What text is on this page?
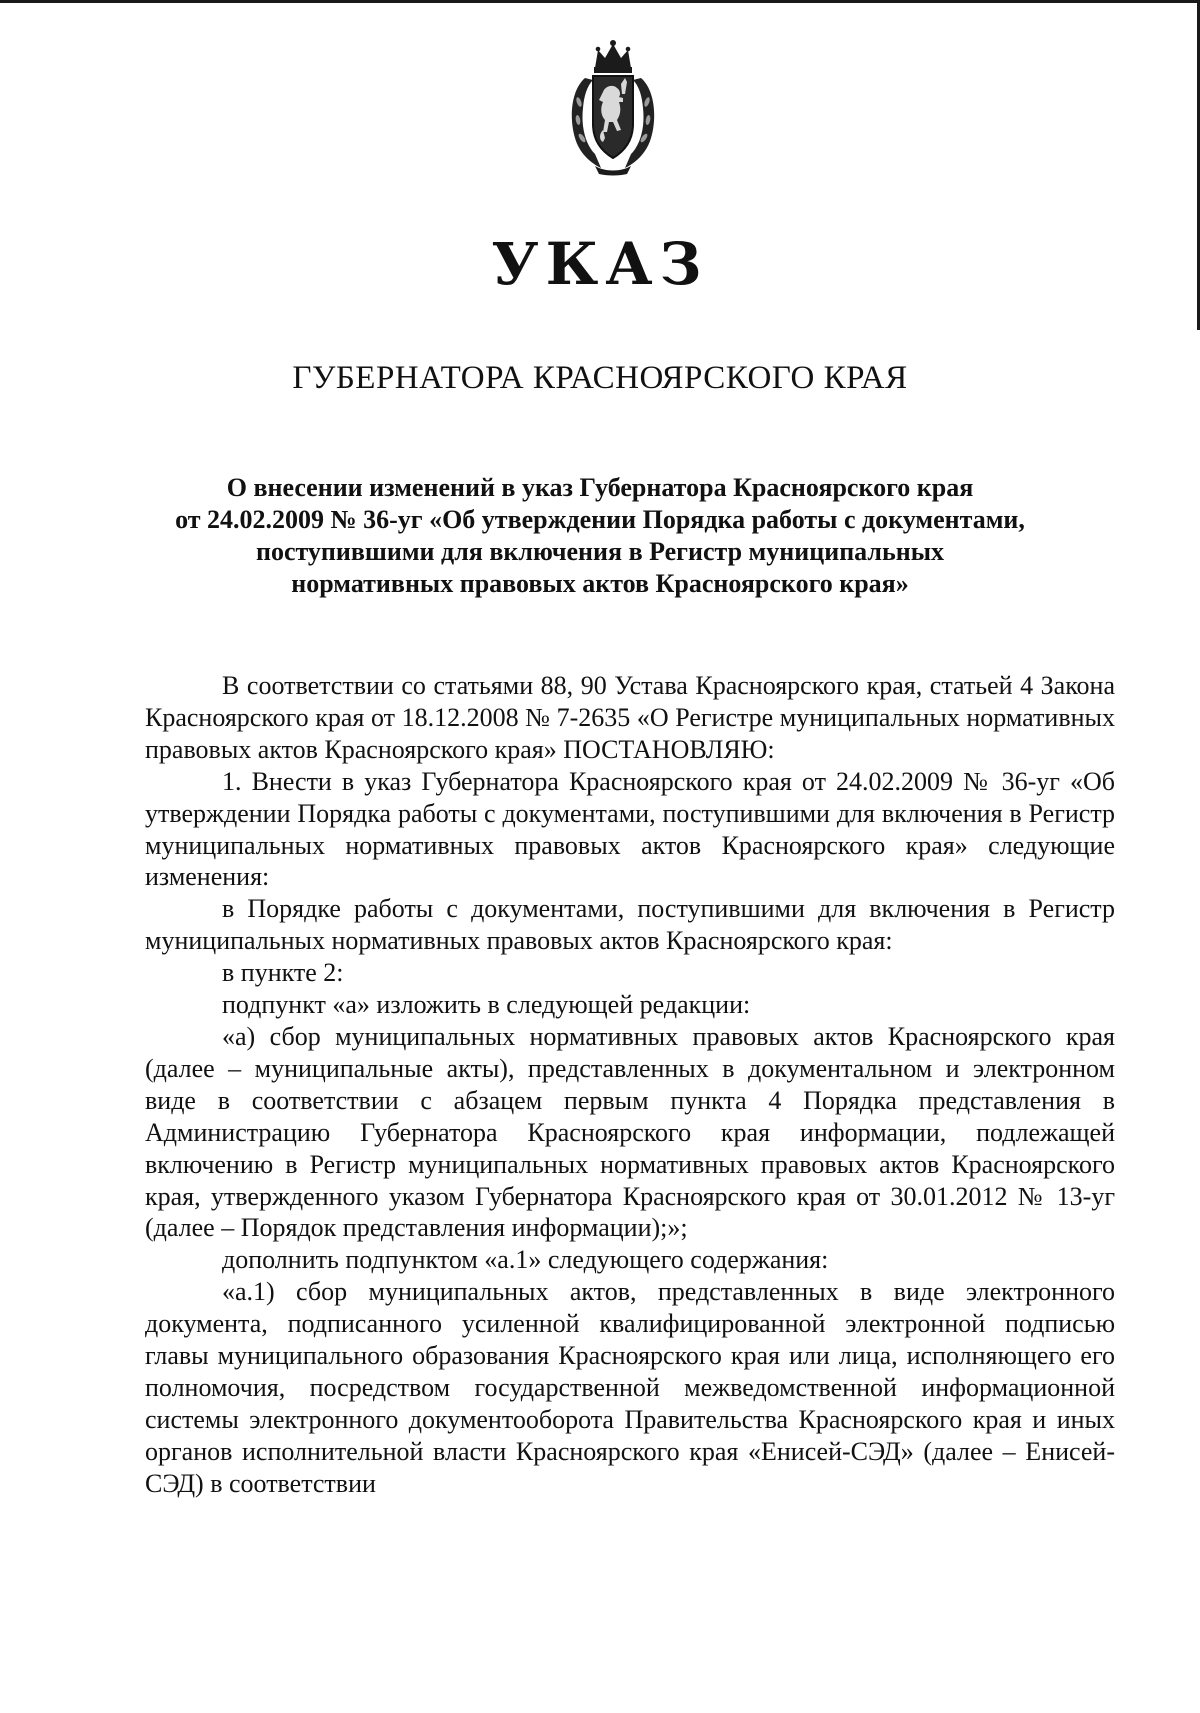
УКАЗ
ГУБЕРНАТОРА КРАСНОЯРСКОГО КРАЯ
О внесении изменений в указ Губернатора Красноярского края
от 24.02.2009 № 36-уг «Об утверждении Порядка работы с документами,
поступившими для включения в Регистр муниципальных
нормативных правовых актов Красноярского края»

В соответствии со статьями 88, 90 Устава Красноярского края, статьей 4 Закона Красноярского края от 18.12.2008 № 7-2635 «О Регистре муниципальных нормативных правовых актов Красноярского края» ПОСТАНОВЛЯЮ:

1. Внести в указ Губернатора Красноярского края от 24.02.2009 № 36-уг «Об утверждении Порядка работы с документами, поступившими для включения в Регистр муниципальных нормативных правовых актов Красноярского края» следующие изменения:

в Порядке работы с документами, поступившими для включения в Регистр муниципальных нормативных правовых актов Красноярского края:

в пункте 2:

подпункт «а» изложить в следующей редакции:

«а) сбор муниципальных нормативных правовых актов Красноярского края (далее – муниципальные акты), представленных в документальном и электронном виде в соответствии с абзацем первым пункта 4 Порядка представления в Администрацию Губернатора Красноярского края информации, подлежащей включению в Регистр муниципальных нормативных правовых актов Красноярского края, утвержденного указом Губернатора Красноярского края от 30.01.2012 № 13-уг (далее – Порядок представления информации);»;

дополнить подпунктом «а.1» следующего содержания:

«а.1) сбор муниципальных актов, представленных в виде электронного документа, подписанного усиленной квалифицированной электронной подписью главы муниципального образования Красноярского края или лица, исполняющего его полномочия, посредством государственной межведомственной информационной системы электронного документооборота Правительства Красноярского края и иных органов исполнительной власти Красноярского края «Енисей-СЭД» (далее – Енисей-СЭД) в соответствии
